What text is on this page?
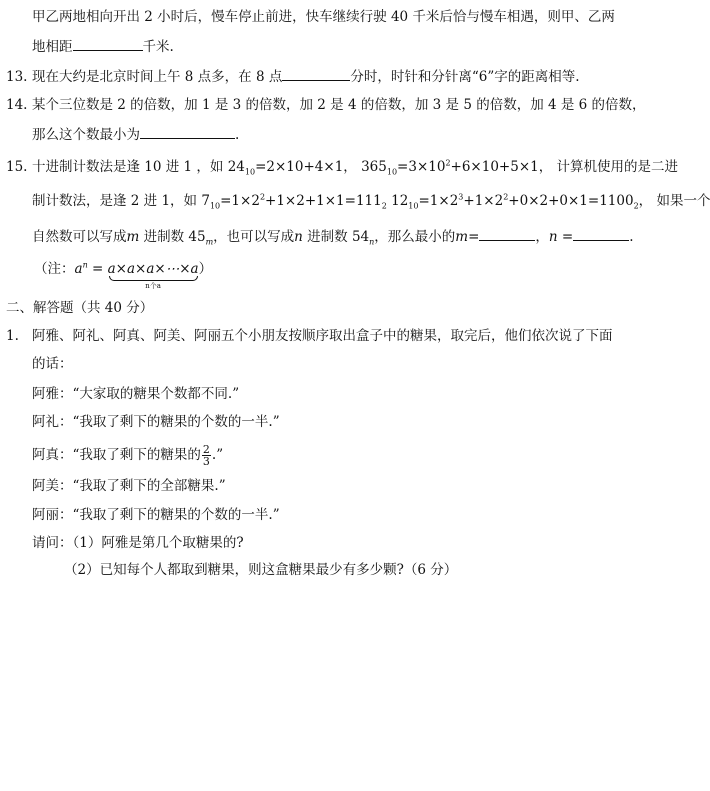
甲乙两地相向开出 2 小时后，慢车停止前进，快车继续行驶 40 千米后恰与慢车相遇，则甲、乙两
地相距	千米.
13. 现在大约是北京时间上午 8 点多，在 8 点	分时，时针和分针离“6”字的距离相等.
14. 某个三位数是 2 的倍数，加 1 是 3 的倍数，加 2 是 4 的倍数，加 3 是 5 的倍数，加 4 是 6 的倍数，
那么这个数最小为	.
15. 十进制计数法是逢 10 进 1 ，如 $24_{10}=2\times 10+4\times 1$， $365_{10}=3\times 10^2+6\times 10+5\times 1$， 计算机使用的是二进
制计数法，是逢 2 进 1，如 $7_{10}=1\times 2^2+1\times 2+1\times 1=111_2$ $12_{10}=1\times 2^3+1\times 2^2+0\times 2+0\times 1=1100_2$， 如果一个
自然数可以写成m 进制数 $45_m$，也可以写成n 进制数 $54_n$，那么最小的m=	，n =	.
（注：$a^n$ = a×a×a×⋯×a
n个a
）
二、解答题（共 40 分）
1. 阿雅、阿礼、阿真、阿美、阿丽五个小朋友按顺序取出盒子中的糖果，取完后，他们依次说了下面
的话：
阿雅：“大家取的糖果个数都不同.”
阿礼：“我取了剩下的糖果的个数的一半.”
阿真：“我取了剩下的糖果的 $\frac{2}{3}$ .”
阿美：“我取了剩下的全部糖果.”
阿丽：“我取了剩下的糖果的个数的一半.”
请问：（1）阿雅是第几个取糖果的?
（2）已知每个人都取到糖果，则这盒糖果最少有多少颗?（6 分）
